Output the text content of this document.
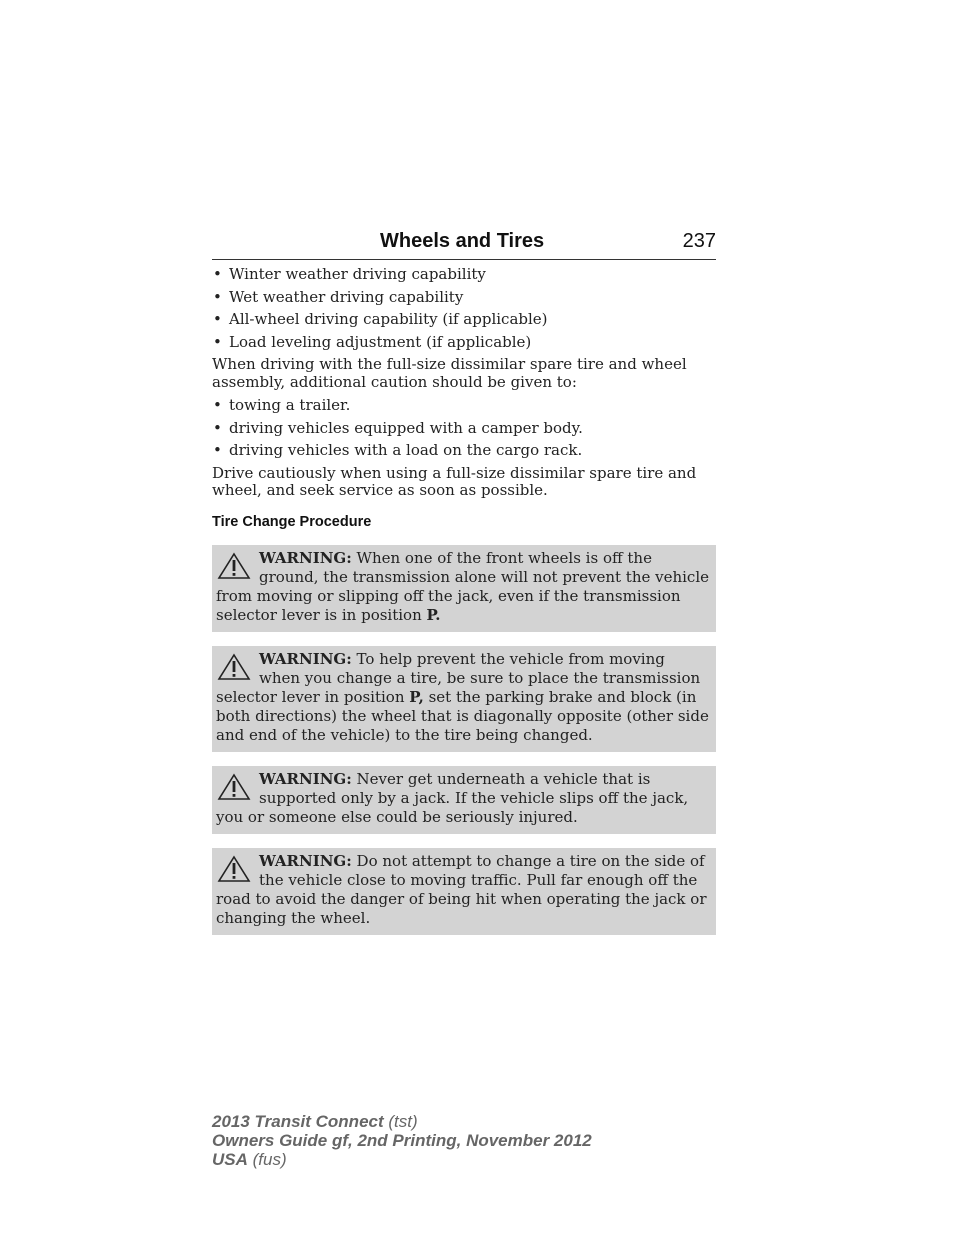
Wheels and Tires	237
• Winter weather driving capability
• Wet weather driving capability
• All-wheel driving capability (if applicable)
• Load leveling adjustment (if applicable)

When driving with the full-size dissimilar spare tire and wheel assembly, additional caution should be given to:

• towing a trailer.
• driving vehicles equipped with a camper body.
• driving vehicles with a load on the cargo rack.

Drive cautiously when using a full-size dissimilar spare tire and wheel, and seek service as soon as possible.

Tire Change Procedure
WARNING: When one of the front wheels is off the ground, the transmission alone will not prevent the vehicle from moving or slipping off the jack, even if the transmission selector lever is in position P.
WARNING: To help prevent the vehicle from moving when you change a tire, be sure to place the transmission selector lever in position P, set the parking brake and block (in both directions) the wheel that is diagonally opposite (other side and end of the vehicle) to the tire being changed.
WARNING: Never get underneath a vehicle that is supported only by a jack. If the vehicle slips off the jack, you or someone else could be seriously injured.
WARNING: Do not attempt to change a tire on the side of the vehicle close to moving traffic. Pull far enough off the road to avoid the danger of being hit when operating the jack or changing the wheel.
2013 Transit Connect (tst)
Owners Guide gf, 2nd Printing, November 2012
USA (fus)
